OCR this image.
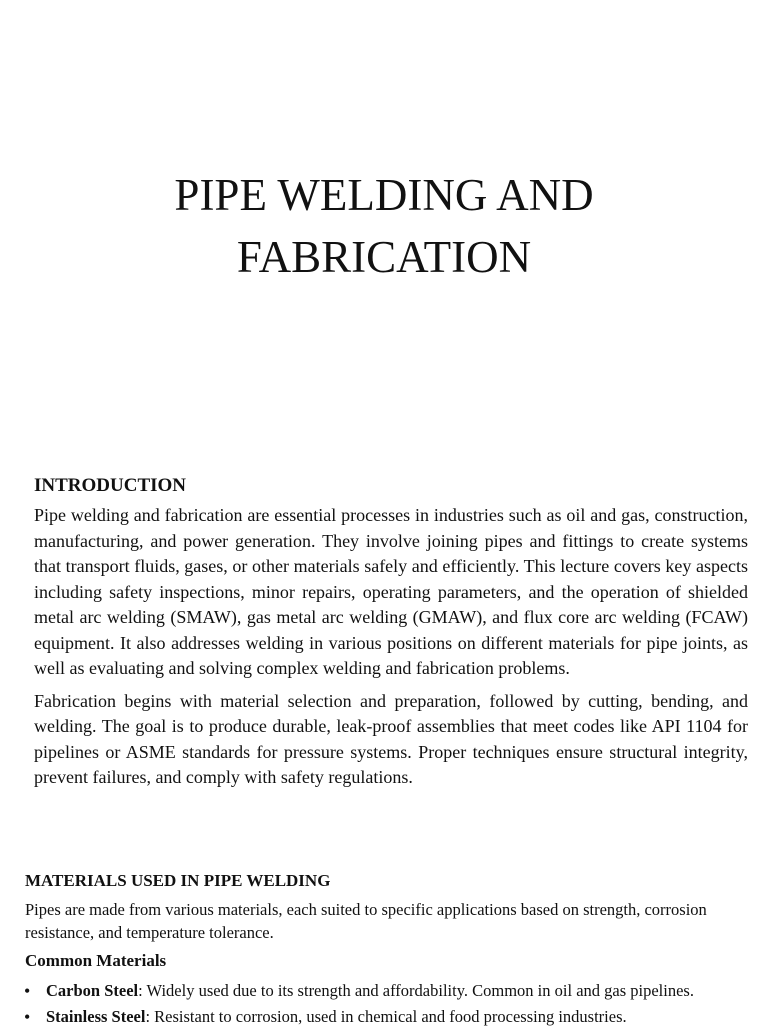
PIPE WELDING AND
FABRICATION
INTRODUCTION

Pipe welding and fabrication are essential processes in industries such as oil and gas, construction, manufacturing, and power generation. They involve joining pipes and fittings to create systems that transport fluids, gases, or other materials safely and efficiently. This lecture covers key aspects including safety inspections, minor repairs, operating parameters, and the operation of shielded metal arc welding (SMAW), gas metal arc welding (GMAW), and flux core arc welding (FCAW) equipment. It also addresses welding in various positions on different materials for pipe joints, as well as evaluating and solving complex welding and fabrication problems.

Fabrication begins with material selection and preparation, followed by cutting, bending, and welding. The goal is to produce durable, leak-proof assemblies that meet codes like API 1104 for pipelines or ASME standards for pressure systems. Proper techniques ensure structural integrity, prevent failures, and comply with safety regulations.

MATERIALS USED IN PIPE WELDING

Pipes are made from various materials, each suited to specific applications based on strength, corrosion resistance, and temperature tolerance.

Common Materials
• Carbon Steel: Widely used due to its strength and affordability. Common in oil and gas pipelines.
• Stainless Steel: Resistant to corrosion, used in chemical and food processing industries.
